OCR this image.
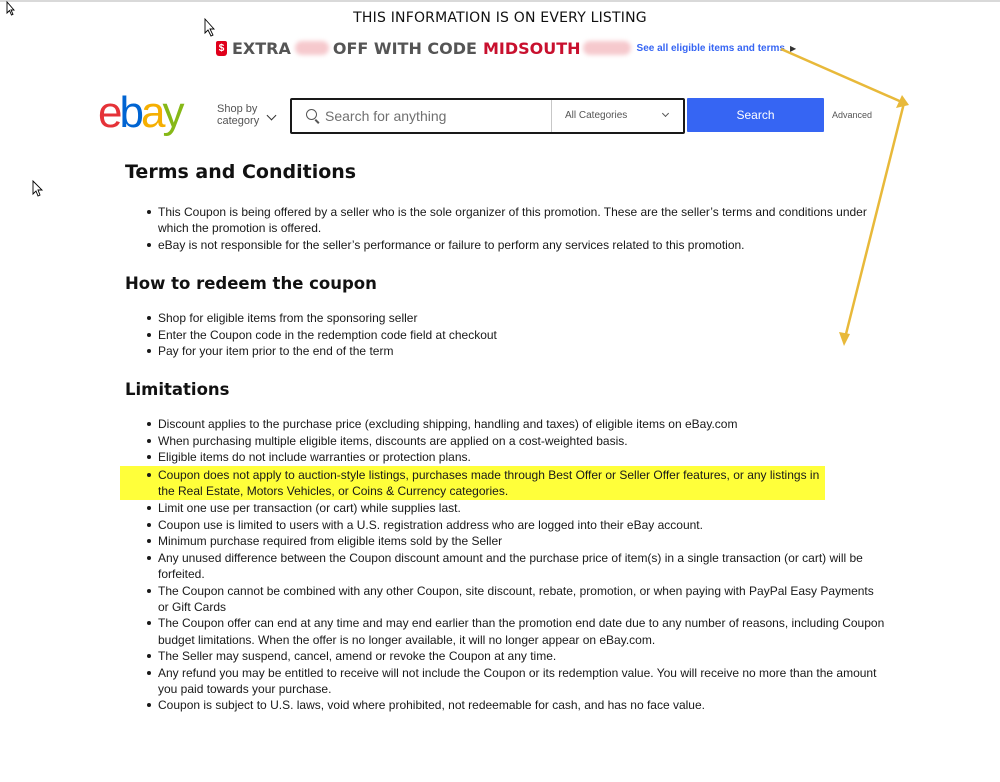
THIS INFORMATION IS ON EVERY LISTING
$ EXTRA	OFF WITH CODE MIDSOUTH	See all eligible items and terms ▶
ebay	Shop by
category
Search for anything	All Categories	Search	Advanced
Terms and Conditions
This Coupon is being offered by a seller who is the sole organizer of this promotion. These are the seller’s terms and conditions under which the promotion is offered.
eBay is not responsible for the seller’s performance or failure to perform any services related to this promotion.
How to redeem the coupon
Shop for eligible items from the sponsoring seller
Enter the Coupon code in the redemption code field at checkout
Pay for your item prior to the end of the term
Limitations
Discount applies to the purchase price (excluding shipping, handling and taxes) of eligible items on eBay.com
When purchasing multiple eligible items, discounts are applied on a cost-weighted basis.
Eligible items do not include warranties or protection plans.
Coupon does not apply to auction-style listings, purchases made through Best Offer or Seller Offer features, or any listings in the Real Estate, Motors Vehicles, or Coins & Currency categories.
Limit one use per transaction (or cart) while supplies last.
Coupon use is limited to users with a U.S. registration address who are logged into their eBay account.
Minimum purchase required from eligible items sold by the Seller
Any unused difference between the Coupon discount amount and the purchase price of item(s) in a single transaction (or cart) will be forfeited.
The Coupon cannot be combined with any other Coupon, site discount, rebate, promotion, or when paying with PayPal Easy Payments or Gift Cards
The Coupon offer can end at any time and may end earlier than the promotion end date due to any number of reasons, including Coupon budget limitations. When the offer is no longer available, it will no longer appear on eBay.com.
The Seller may suspend, cancel, amend or revoke the Coupon at any time.
Any refund you may be entitled to receive will not include the Coupon or its redemption value. You will receive no more than the amount you paid towards your purchase.
Coupon is subject to U.S. laws, void where prohibited, not redeemable for cash, and has no face value.
